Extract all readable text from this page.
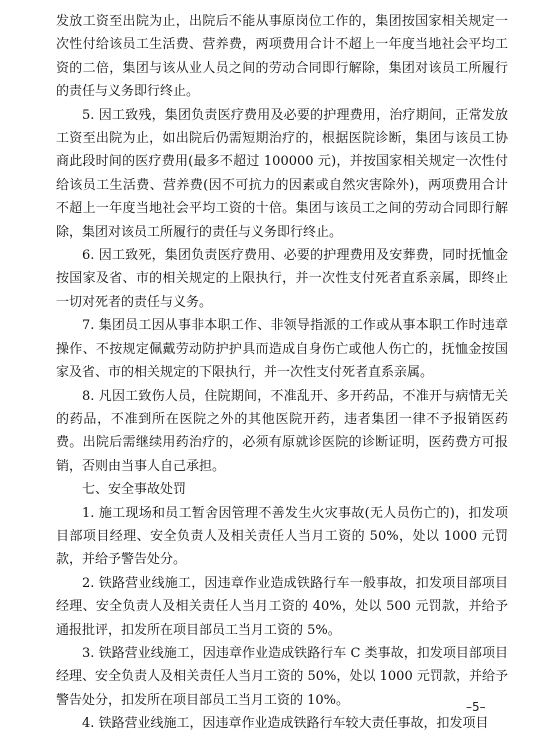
发放工资至出院为止，出院后不能从事原岗位工作的，集团按国家相关规定一次性付给该员工生活费、营养费，两项费用合计不超上一年度当地社会平均工资的二倍，集团与该从业人员之间的劳动合同即行解除，集团对该员工所履行的责任与义务即行终止。

5. 因工致残，集团负责医疗费用及必要的护理费用，治疗期间，正常发放工资至出院为止，如出院后仍需短期治疗的，根据医院诊断，集团与该员工协商此段时间的医疗费用(最多不超过 100000 元)，并按国家相关规定一次性付给该员工生活费、营养费(因不可抗力的因素或自然灾害除外)，两项费用合计不超上一年度当地社会平均工资的十倍。集团与该员工之间的劳动合同即行解除，集团对该员工所履行的责任与义务即行终止。

6. 因工致死，集团负责医疗费用、必要的护理费用及安葬费，同时抚恤金按国家及省、市的相关规定的上限执行，并一次性支付死者直系亲属，即终止一切对死者的责任与义务。

7. 集团员工因从事非本职工作、非领导指派的工作或从事本职工作时违章操作、不按规定佩戴劳动防护护具而造成自身伤亡或他人伤亡的，抚恤金按国家及省、市的相关规定的下限执行，并一次性支付死者直系亲属。

8. 凡因工致伤人员，住院期间，不准乱开、多开药品，不准开与病情无关的药品，不准到所在医院之外的其他医院开药，违者集团一律不予报销医药费。出院后需继续用药治疗的，必须有原就诊医院的诊断证明，医药费方可报销，否则由当事人自己承担。

七、安全事故处罚

1. 施工现场和员工暂舍因管理不善发生火灾事故(无人员伤亡的)，扣发项目部项目经理、安全负责人及相关责任人当月工资的 50%，处以 1000 元罚款，并给予警告处分。

2. 铁路营业线施工，因违章作业造成铁路行车一般事故，扣发项目部项目经理、安全负责人及相关责任人当月工资的 40%，处以 500 元罚款，并给予通报批评，扣发所在项目部员工当月工资的 5%。

3. 铁路营业线施工，因违章作业造成铁路行车 C 类事故，扣发项目部项目经理、安全负责人及相关责任人当月工资的 50%，处以 1000 元罚款，并给予警告处分，扣发所在项目部员工当月工资的 10%。

4. 铁路营业线施工，因违章作业造成铁路行车较大责任事故，扣发项目

–5–
